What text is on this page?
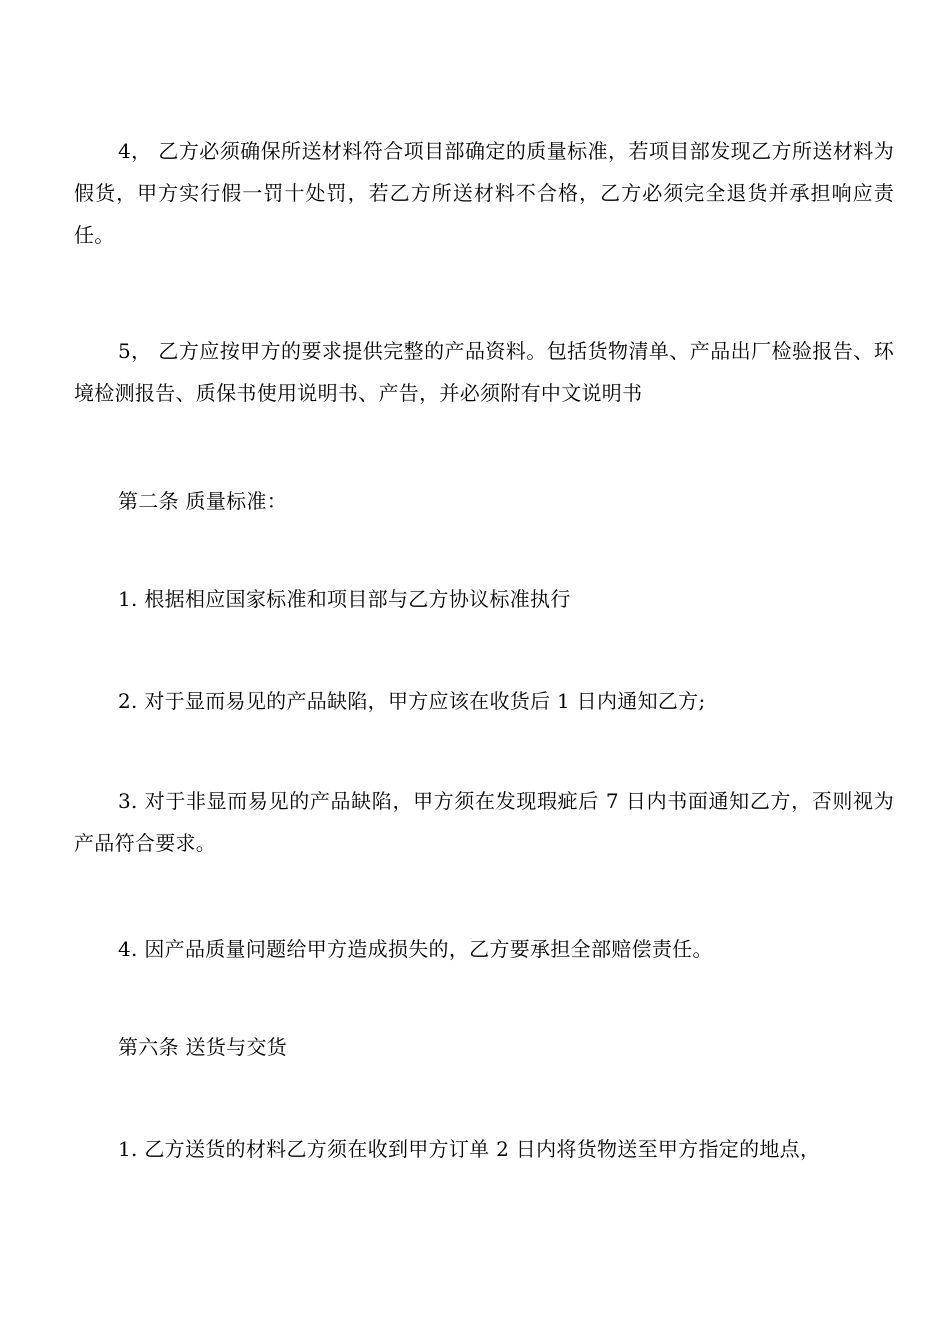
4， 乙方必须确保所送材料符合项目部确定的质量标准，若项目部发现乙方所送材料为假货，甲方实行假一罚十处罚，若乙方所送材料不合格，乙方必须完全退货并承担响应责任。

5， 乙方应按甲方的要求提供完整的产品资料。包括货物清单、产品出厂检验报告、环境检测报告、质保书使用说明书、产告，并必须附有中文说明书

第二条 质量标准：

1. 根据相应国家标准和项目部与乙方协议标准执行

2. 对于显而易见的产品缺陷，甲方应该在收货后 1 日内通知乙方;

3. 对于非显而易见的产品缺陷，甲方须在发现瑕疵后 7 日内书面通知乙方，否则视为产品符合要求。

4. 因产品质量问题给甲方造成损失的，乙方要承担全部赔偿责任。

第六条 送货与交货

1. 乙方送货的材料乙方须在收到甲方订单 2 日内将货物送至甲方指定的地点，
